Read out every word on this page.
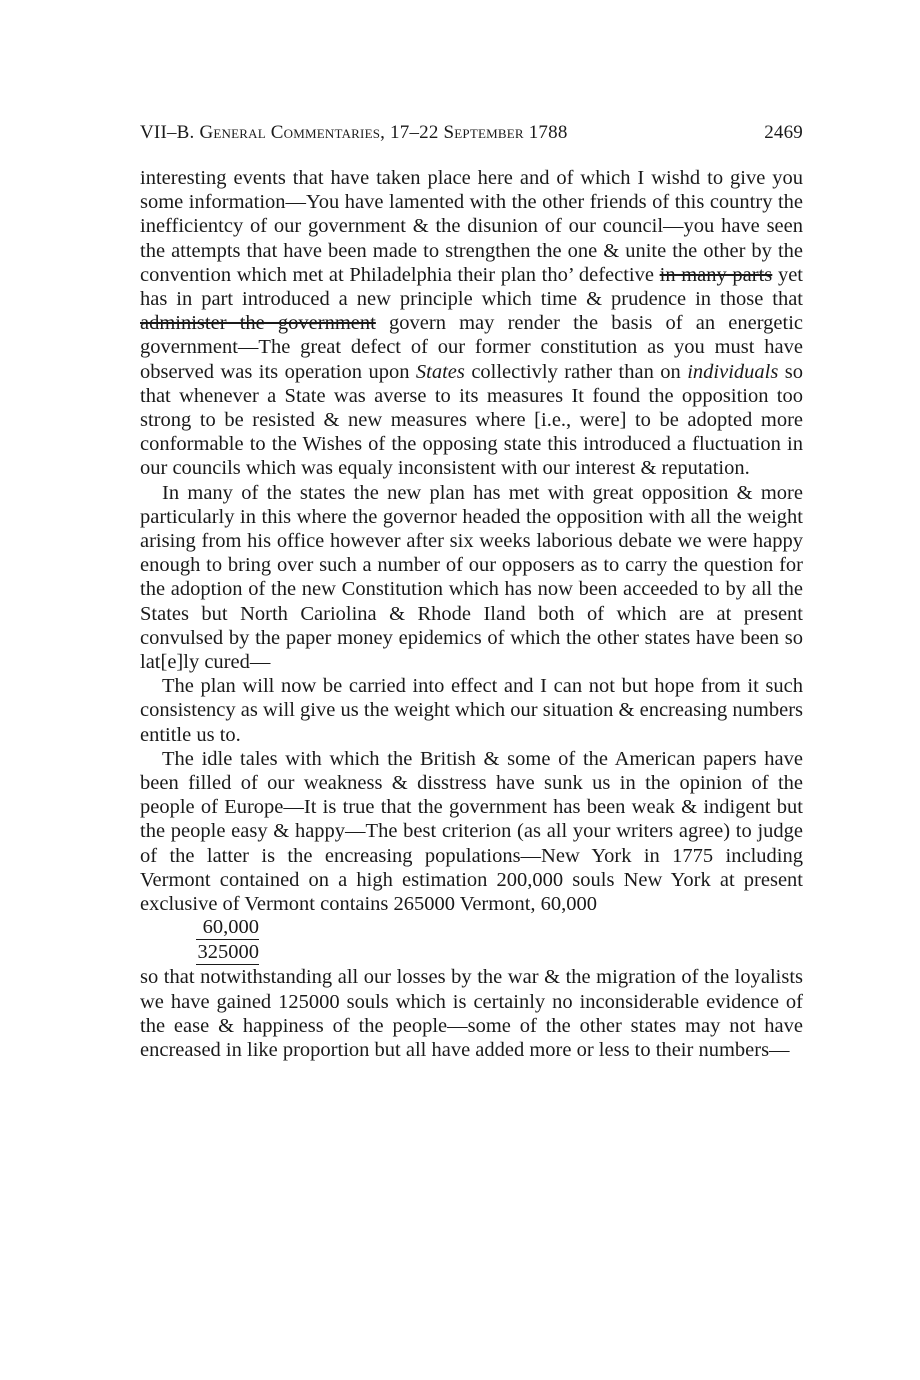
VII–B. General Commentaries, 17–22 September 1788	2469

interesting events that have taken place here and of which I wishd to give you some information—You have lamented with the other friends of this country the inefficientcy of our government & the disunion of our council—you have seen the attempts that have been made to strengthen the one & unite the other by the convention which met at Philadelphia their plan tho’ defective in many parts yet has in part introduced a new principle which time & prudence in those that administer the government govern may render the basis of an energetic government—The great defect of our former constitution as you must have observed was its operation upon States collectivly rather than on individuals so that whenever a State was averse to its measures It found the opposition too strong to be resisted & new measures where [i.e., were] to be adopted more conformable to the Wishes of the opposing state this introduced a fluctuation in our councils which was equaly inconsistent with our interest & reputation.

In many of the states the new plan has met with great opposition & more particularly in this where the governor headed the opposition with all the weight arising from his office however after six weeks laborious debate we were happy enough to bring over such a number of our opposers as to carry the question for the adoption of the new Constitution which has now been acceeded to by all the States but North Cariolina & Rhode Iland both of which are at present convulsed by the paper money epidemics of which the other states have been so lat[e]ly cured—

The plan will now be carried into effect and I can not but hope from it such consistency as will give us the weight which our situation & encreasing numbers entitle us to.

The idle tales with which the British & some of the American papers have been filled of our weakness & disstress have sunk us in the opinion of the people of Europe—It is true that the government has been weak & indigent but the people easy & happy—The best criterion (as all your writers agree) to judge of the latter is the encreasing populations—New York in 1775 including Vermont contained on a high estimation 200,000 souls New York at present exclusive of Vermont contains 265000 Vermont, 60,000

60,000
325000

so that notwithstanding all our losses by the war & the migration of the loyalists we have gained 125000 souls which is certainly no inconsiderable evidence of the ease & happiness of the people—some of the other states may not have encreased in like proportion but all have added more or less to their numbers—
